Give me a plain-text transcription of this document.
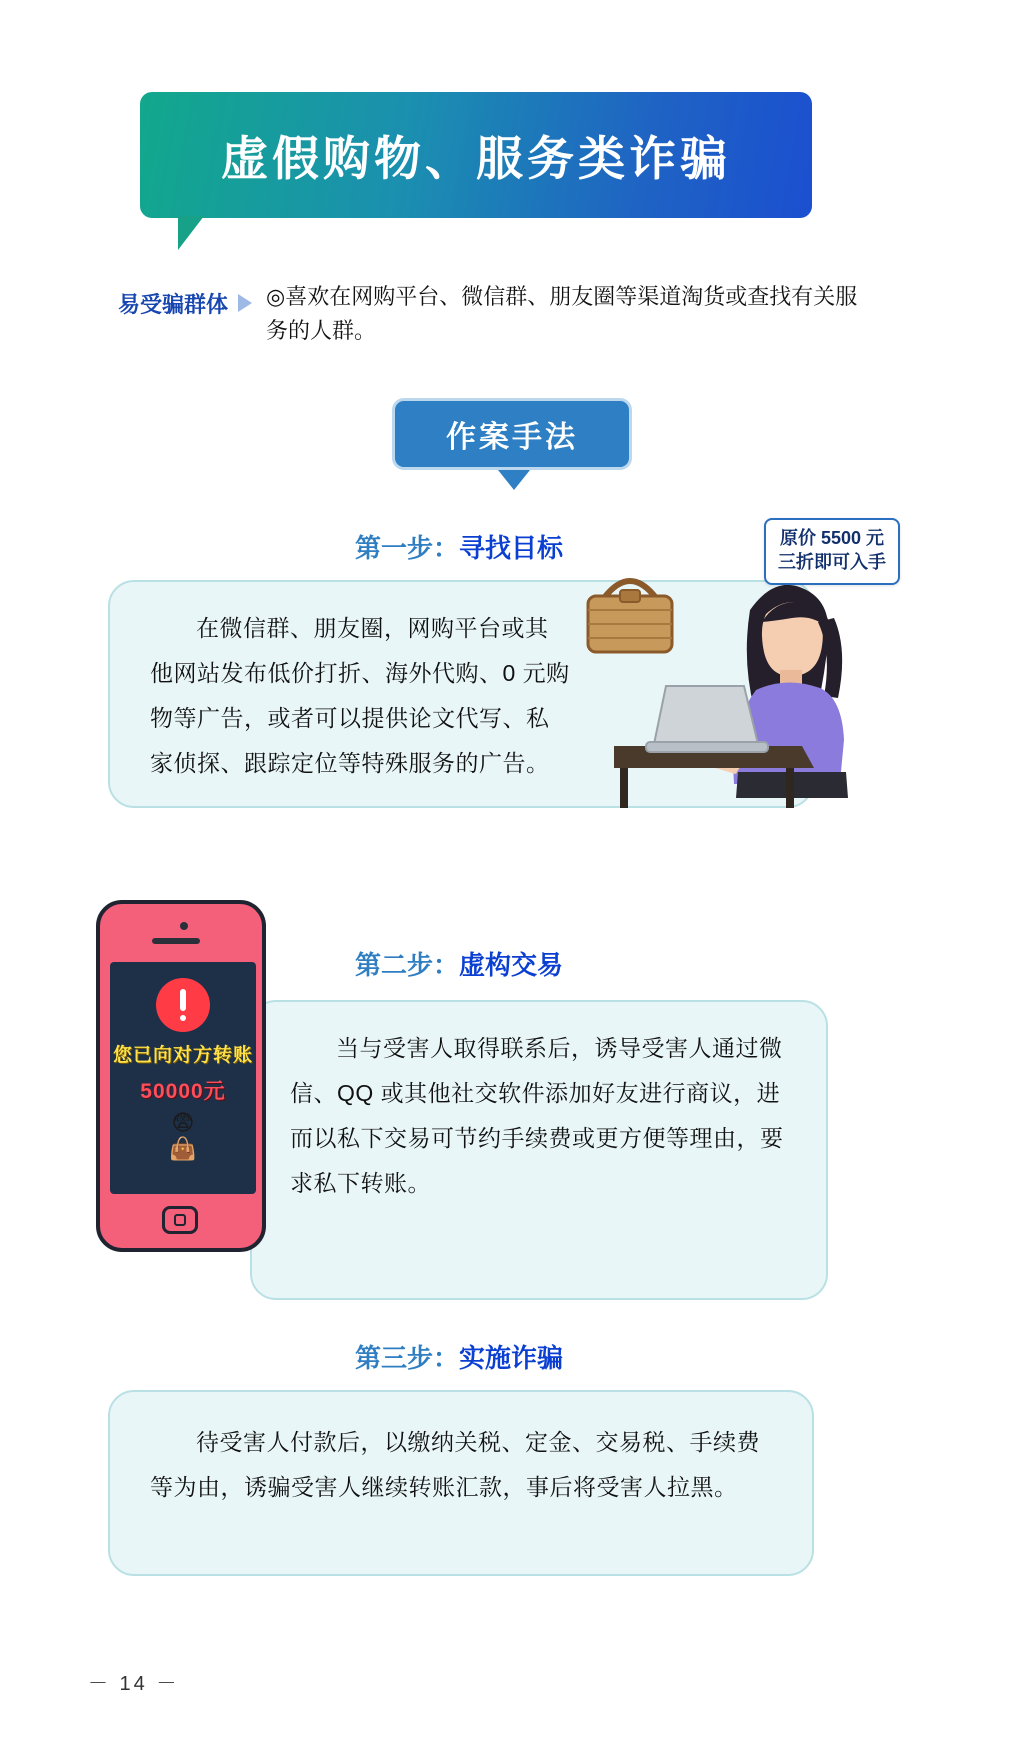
虚假购物、服务类诈骗
易受骗群体 ◎喜欢在网购平台、微信群、朋友圈等渠道淘货或查找有关服务的人群。
作案手法
第一步：寻找目标
在微信群、朋友圈，网购平台或其他网站发布低价打折、海外代购、0 元购物等广告，或者可以提供论文代写、私家侦探、跟踪定位等特殊服务的广告。
原价 5500 元
三折即可入手
第二步：虚构交易
当与受害人取得联系后，诱导受害人通过微信、QQ 或其他社交软件添加好友进行商议，进而以私下交易可节约手续费或更方便等理由，要求私下转账。
您已向对方转账
50000元
😨
👜
第三步：实施诈骗
待受害人付款后，以缴纳关税、定金、交易税、手续费等为由，诱骗受害人继续转账汇款，事后将受害人拉黑。
－ 14 －
